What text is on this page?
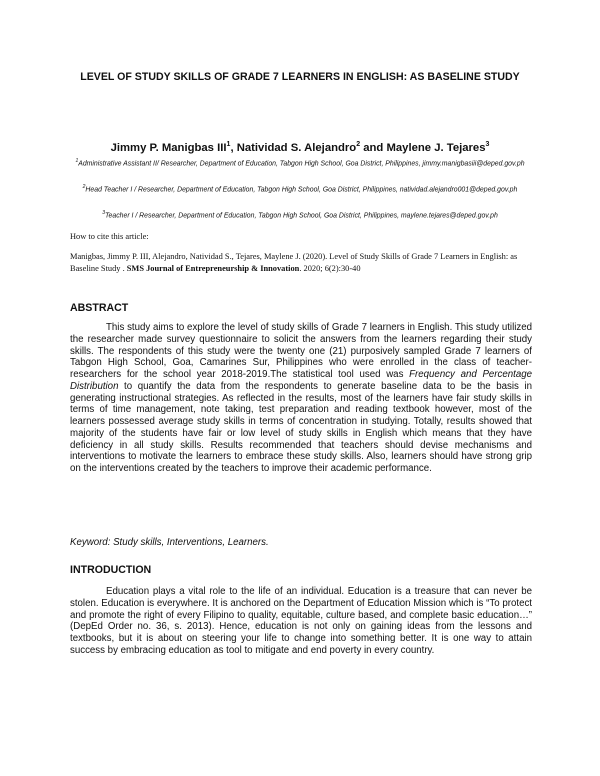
LEVEL OF STUDY SKILLS OF GRADE 7 LEARNERS IN ENGLISH: AS BASELINE STUDY
Jimmy P. Manigbas III$^1$, Natividad S. Alejandro$^2$ and Maylene J. Tejares$^3$
$^1$Administrative Assistant II/ Researcher, Department of Education, Tabgon High School, Goa District, Philippines, jimmy.manigbasiii@deped.gov.ph
$^2$Head Teacher I / Researcher, Department of Education, Tabgon High School, Goa District, Philippines, natividad.alejandro001@deped.gov.ph
$^3$Teacher I / Researcher, Department of Education, Tabgon High School, Goa District, Philippines, maylene.tejares@deped.gov.ph
How to cite this article:
Manigbas, Jimmy P. III, Alejandro, Natividad S., Tejares, Maylene J. (2020). Level of Study Skills of Grade 7 Learners in English: as Baseline Study . SMS Journal of Entrepreneurship & Innovation. 2020; 6(2):30-40
ABSTRACT
This study aims to explore the level of study skills of Grade 7 learners in English. This study utilized the researcher made survey questionnaire to solicit the answers from the learners regarding their study skills. The respondents of this study were the twenty one (21) purposively sampled Grade 7 learners of Tabgon High School, Goa, Camarines Sur, Philippines who were enrolled in the class of teacher-researchers for the school year 2018-2019.The statistical tool used was Frequency and Percentage Distribution to quantify the data from the respondents to generate baseline data to be the basis in generating instructional strategies. As reflected in the results, most of the learners have fair study skills in terms of time management, note taking, test preparation and reading textbook however, most of the learners possessed average study skills in terms of concentration in studying. Totally, results showed that majority of the students have fair or low level of study skills in English which means that they have deficiency in all study skills. Results recommended that teachers should devise mechanisms and interventions to motivate the learners to embrace these study skills. Also, learners should have strong grip on the interventions created by the teachers to improve their academic performance.
Keyword: Study skills, Interventions, Learners.
INTRODUCTION
Education plays a vital role to the life of an individual. Education is a treasure that can never be stolen. Education is everywhere. It is anchored on the Department of Education Mission which is “To protect and promote the right of every Filipino to quality, equitable, culture based, and complete basic education…” (DepEd Order no. 36, s. 2013). Hence, education is not only on gaining ideas from the lessons and textbooks, but it is about on steering your life to change into something better. It is one way to attain success by embracing education as tool to mitigate and end poverty in every country.
